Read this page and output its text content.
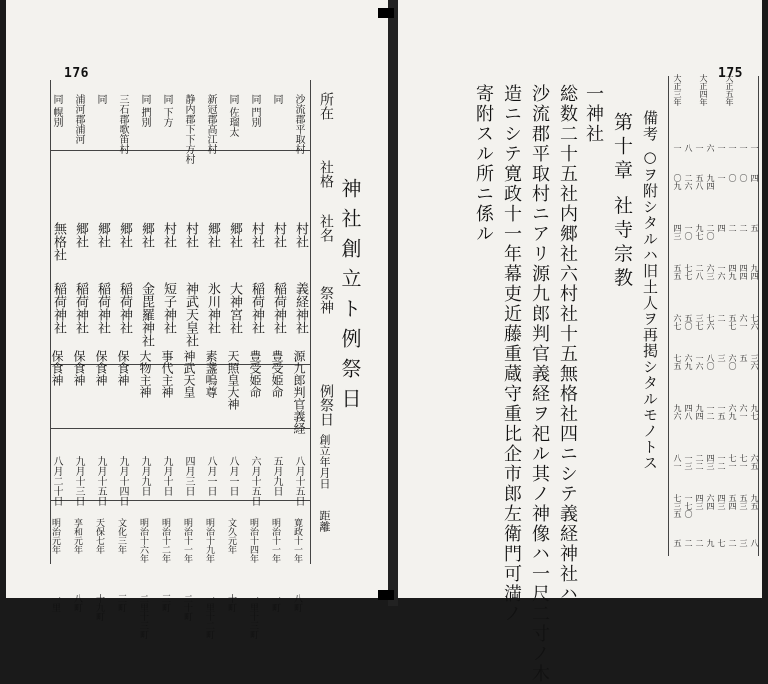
176
神社創立ト例祭日
所在
社格
社名
祭神
例祭日
創立年月日
距離
沙流郡平取村
村社
義経神社
源九郎判官義経
八月十五日
寛政十一年
八町
同
村社
稲荷神社
豊受姫命
五月九日
明治十一年
一町
同 門別
村社
稲荷神社
豊受姫命
六月十五日
明治十四年
一里十三町
同 佐瑠太
郷社
大神宮社
天照皇大神
八月一日
文久元年
十町
新冠郡高江村
郷社
氷川神社
素盞嗚尊
八月一日
明治十九年
一里十二町
静内郡下下方村
村社
神武天皇社
神武天皇
四月三日
明治十一年
二十町
同 下方
村社
短子神社
事代主神
九月十日
明治十二年
三町
同 捫別
郷社
金毘羅神社
大物主神
九月九日
明治十六年
二里十三町
三石郡歌笛村
郷社
稲荷神社
保食神
九月十四日
文化三年
三町
同
郷社
稲荷神社
保食神
九月十五日
天保七年
十九町
浦河郡浦河
郷社
稲荷神社
保食神
九月十三日
享和元年
八町
同 幌別
無格社
稲荷神社
保食神
八月二十日
明治元年
一里
175
大正三年 大正四年 大正五年
一
〇九
四三
五五
六七
七五
九六
八一
七三五
五
八
二六
一〇
七七
五〇
六九
四八
一三
一七〇
二
一
五八
九七
二八
三七
一六
九四
二二
四三
二
六
九四
二〇
六三
七六
八〇
一二
四三
六四
九
一
一
四
一六
二
三
一五
一二
四三
七
一
〇
二
四九
五七
六〇
六九
七一
五四
二
一
〇
二
四四
六一
五
六一
七一
五三
三
一
四
五
九四
七六
三六
九七
六五
九五
八
備考 ○ヲ附シタルハ旧土人ヲ再掲シタルモノトス
第十章 社寺宗教
一神社
総数二十五社内郷社六村社十五無格社四ニシテ義経神社ハ
沙流郡平取村ニアリ源九郎判官義経ヲ祀ル其ノ神像ハ一尺二寸ノ木
造ニシテ寛政十一年幕吏近藤重蔵守重比企市郎左衛門可満ノ
寄附スル所ニ係ル
